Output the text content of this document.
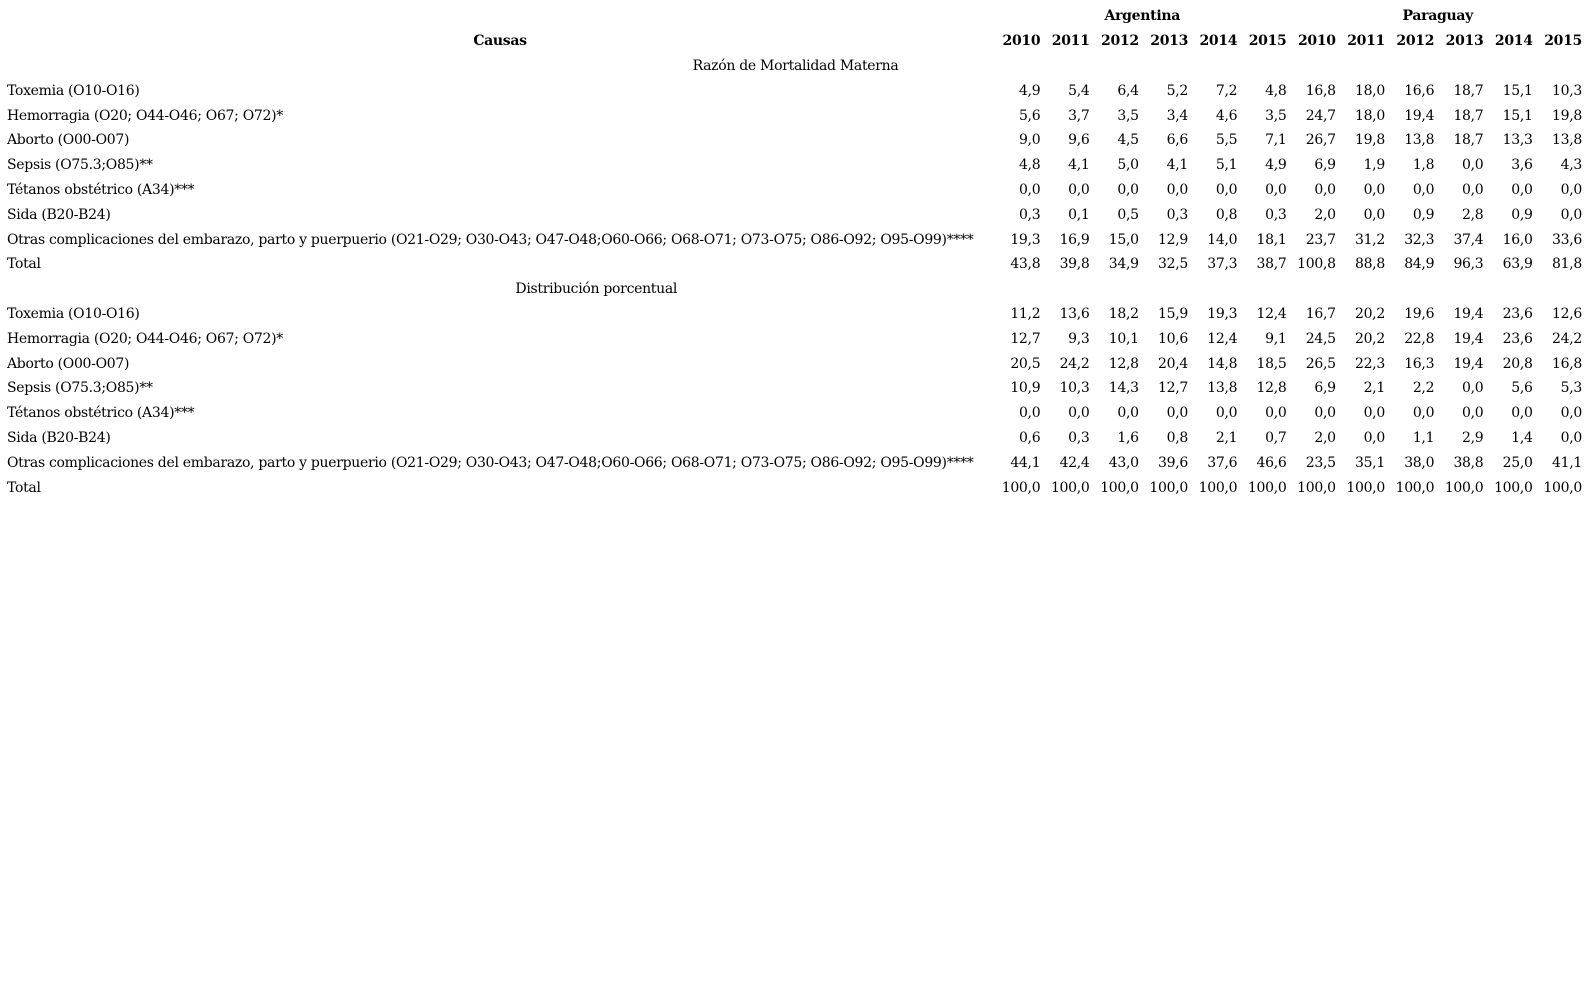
	Argentina						Paraguay					
Causas	2010	2011	2012	2013	2014	2015	2010	2011	2012	2013	2014	2015
Razón de Mortalidad Materna												
Toxemia (O10-O16)	4,9	5,4	6,4	5,2	7,2	4,8	16,8	18,0	16,6	18,7	15,1	10,3
Hemorragia (O20; O44-O46; O67; O72)*	5,6	3,7	3,5	3,4	4,6	3,5	24,7	18,0	19,4	18,7	15,1	19,8
Aborto (O00-O07)	9,0	9,6	4,5	6,6	5,5	7,1	26,7	19,8	13,8	18,7	13,3	13,8
Sepsis (O75.3;O85)**	4,8	4,1	5,0	4,1	5,1	4,9	6,9	1,9	1,8	0,0	3,6	4,3
Tétanos obstétrico (A34)***	0,0	0,0	0,0	0,0	0,0	0,0	0,0	0,0	0,0	0,0	0,0	0,0
Sida (B20-B24)	0,3	0,1	0,5	0,3	0,8	0,3	2,0	0,0	0,9	2,8	0,9	0,0
Otras complicaciones del embarazo, parto y puerpuerio (O21-O29; O30-O43; O47-O48;O60-O66; O68-O71; O73-O75; O86-O92; O95-O99)****	19,3	16,9	15,0	12,9	14,0	18,1	23,7	31,2	32,3	37,4	16,0	33,6
Total	43,8	39,8	34,9	32,5	37,3	38,7	100,8	88,8	84,9	96,3	63,9	81,8
Distribución porcentual												
Toxemia (O10-O16)	11,2	13,6	18,2	15,9	19,3	12,4	16,7	20,2	19,6	19,4	23,6	12,6
Hemorragia (O20; O44-O46; O67; O72)*	12,7	9,3	10,1	10,6	12,4	9,1	24,5	20,2	22,8	19,4	23,6	24,2
Aborto (O00-O07)	20,5	24,2	12,8	20,4	14,8	18,5	26,5	22,3	16,3	19,4	20,8	16,8
Sepsis (O75.3;O85)**	10,9	10,3	14,3	12,7	13,8	12,8	6,9	2,1	2,2	0,0	5,6	5,3
Tétanos obstétrico (A34)***	0,0	0,0	0,0	0,0	0,0	0,0	0,0	0,0	0,0	0,0	0,0	0,0
Sida (B20-B24)	0,6	0,3	1,6	0,8	2,1	0,7	2,0	0,0	1,1	2,9	1,4	0,0
Otras complicaciones del embarazo, parto y puerpuerio (O21-O29; O30-O43; O47-O48;O60-O66; O68-O71; O73-O75; O86-O92; O95-O99)****	44,1	42,4	43,0	39,6	37,6	46,6	23,5	35,1	38,0	38,8	25,0	41,1
Total	100,0	100,0	100,0	100,0	100,0	100,0	100,0	100,0	100,0	100,0	100,0	100,0
